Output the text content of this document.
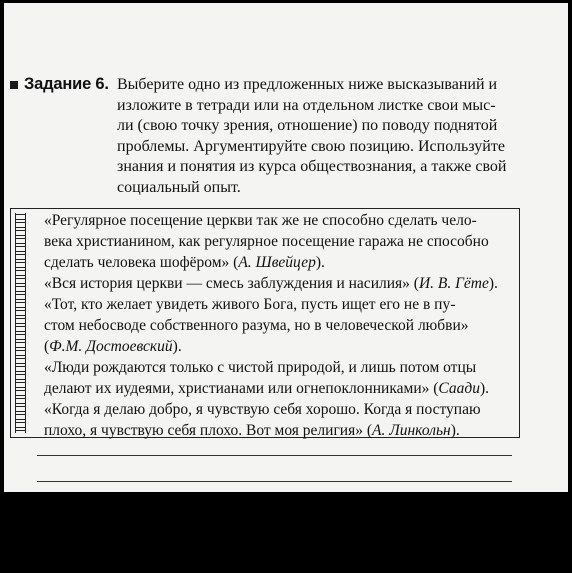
Задание 6. Выберите одно из предложенных ниже высказываний и
изложите в тетради или на отдельном листке свои мыс-
ли (свою точку зрения, отношение) по поводу поднятой
проблемы. Аргументируйте свою позицию. Используйте
знания и понятия из курса обществознания, а также свой
социальный опыт.
«Регулярное посещение церкви так же не способно сделать чело-
века христианином, как регулярное посещение гаража не способно
сделать человека шофёром» (А. Швейцер).
«Вся история церкви — смесь заблуждения и насилия» (И. В. Гёте).
«Тот, кто желает увидеть живого Бога, пусть ищет его не в пу-
стом небосводе собственного разума, но в человеческой любви»
(Ф.М. Достоевский).
«Люди рождаются только с чистой природой, и лишь потом отцы
делают их иудеями, христианами или огнепоклонниками» (Саади).
«Когда я делаю добро, я чувствую себя хорошо. Когда я поступаю
плохо, я чувствую себя плохо. Вот моя религия» (А. Линкольн).
